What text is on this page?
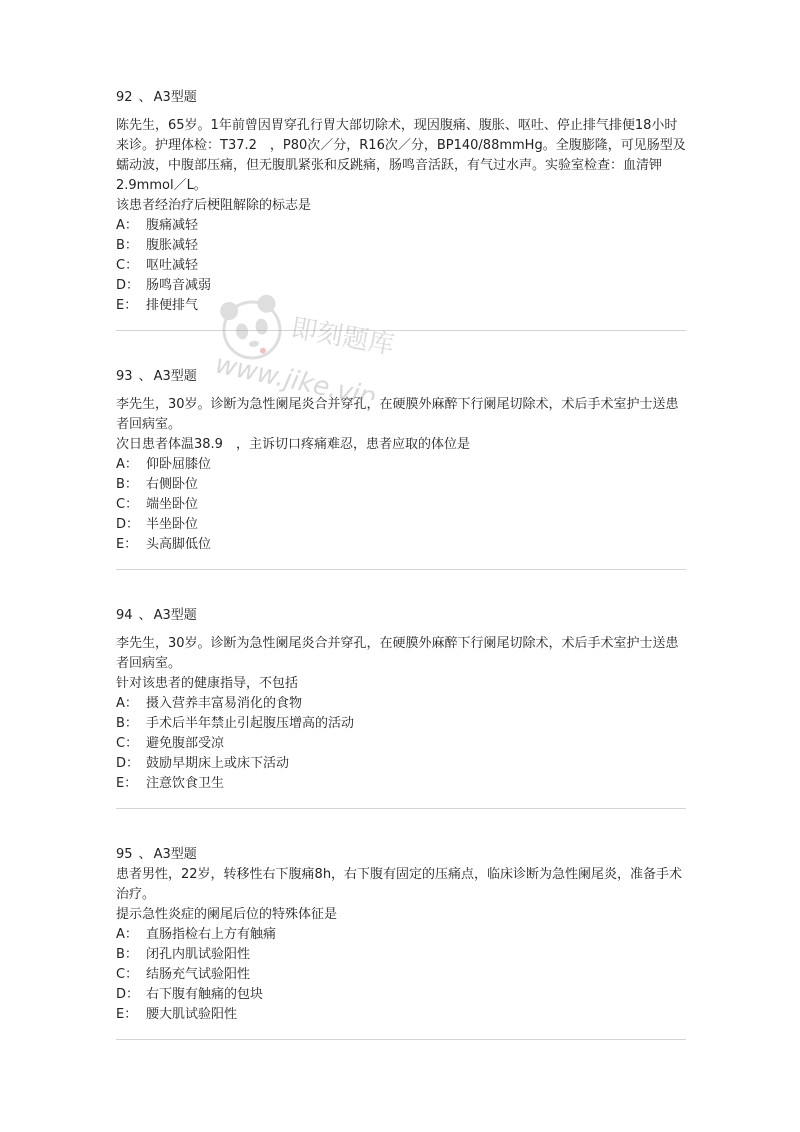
92 、 A3型题

陈先生，65岁。1年前曾因胃穿孔行胃大部切除术，现因腹痛、腹胀、呕吐、停止排气排便18小时来诊。护理体检：T37.2　，P80次／分，R16次／分，BP140/88mmHg。全腹膨隆，可见肠型及蠕动波，中腹部压痛，但无腹肌紧张和反跳痛，肠鸣音活跃，有气过水声。实验室检查：血清钾2.9mmol／L。

该患者经治疗后梗阻解除的标志是

A： 腹痛减轻
B： 腹胀减轻
C： 呕吐减轻
D： 肠鸣音减弱
E： 排便排气

93 、 A3型题

李先生，30岁。诊断为急性阑尾炎合并穿孔，在硬膜外麻醉下行阑尾切除术，术后手术室护士送患者回病室。

次日患者体温38.9　，主诉切口疼痛难忍，患者应取的体位是

A： 仰卧屈膝位
B： 右侧卧位
C： 端坐卧位
D： 半坐卧位
E： 头高脚低位

94 、 A3型题

李先生，30岁。诊断为急性阑尾炎合并穿孔，在硬膜外麻醉下行阑尾切除术，术后手术室护士送患者回病室。

针对该患者的健康指导，不包括

A： 摄入营养丰富易消化的食物
B： 手术后半年禁止引起腹压增高的活动
C： 避免腹部受凉
D： 鼓励早期床上或床下活动
E： 注意饮食卫生

95 、 A3型题

患者男性，22岁，转移性右下腹痛8h，右下腹有固定的压痛点，临床诊断为急性阑尾炎，准备手术治疗。

提示急性炎症的阑尾后位的特殊体征是

A： 直肠指检右上方有触痛
B： 闭孔内肌试验阳性
C： 结肠充气试验阳性
D： 右下腹有触痛的包块
E： 腰大肌试验阳性
即刻题库
www.jike.vip
